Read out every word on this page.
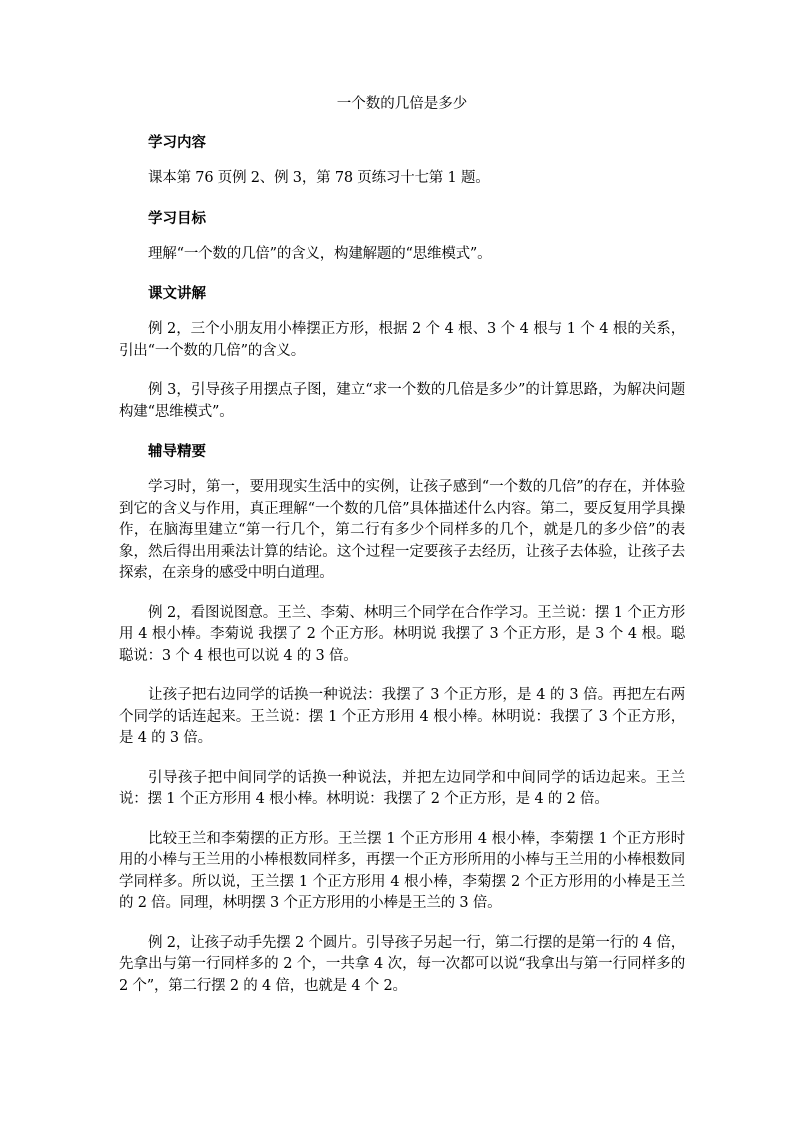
一个数的几倍是多少
学习内容

课本第 76 页例 2、例 3，第 78 页练习十七第 1 题。

学习目标

理解“一个数的几倍”的含义，构建解题的“思维模式”。

课文讲解

例 2，三个小朋友用小棒摆正方形，根据 2 个 4 根、3 个 4 根与 1 个 4 根的关系，引出“一个数的几倍”的含义。

例 3，引导孩子用摆点子图，建立“求一个数的几倍是多少”的计算思路，为解决问题构建“思维模式”。

辅导精要

学习时，第一，要用现实生活中的实例，让孩子感到“一个数的几倍”的存在，并体验到它的含义与作用，真正理解“一个数的几倍”具体描述什么内容。第二，要反复用学具操作，在脑海里建立“第一行几个，第二行有多少个同样多的几个，就是几的多少倍”的表象，然后得出用乘法计算的结论。这个过程一定要孩子去经历，让孩子去体验，让孩子去探索，在亲身的感受中明白道理。

例 2，看图说图意。王兰、李菊、林明三个同学在合作学习。王兰说：摆 1 个正方形用 4 根小棒。李菊说 我摆了 2 个正方形。林明说 我摆了 3 个正方形，是 3 个 4 根。聪聪说：3 个 4 根也可以说 4 的 3 倍。

让孩子把右边同学的话换一种说法：我摆了 3 个正方形，是 4 的 3 倍。再把左右两个同学的话连起来。王兰说：摆 1 个正方形用 4 根小棒。林明说：我摆了 3 个正方形，是 4 的 3 倍。

引导孩子把中间同学的话换一种说法，并把左边同学和中间同学的话边起来。王兰说：摆 1 个正方形用 4 根小棒。林明说：我摆了 2 个正方形，是 4 的 2 倍。

比较王兰和李菊摆的正方形。王兰摆 1 个正方形用 4 根小棒，李菊摆 1 个正方形时用的小棒与王兰用的小棒根数同样多，再摆一个正方形所用的小棒与王兰用的小棒根数同学同样多。所以说，王兰摆 1 个正方形用 4 根小棒，李菊摆 2 个正方形用的小棒是王兰的 2 倍。同理，林明摆 3 个正方形用的小棒是王兰的 3 倍。

例 2，让孩子动手先摆 2 个圆片。引导孩子另起一行，第二行摆的是第一行的 4 倍，先拿出与第一行同样多的 2 个，一共拿 4 次，每一次都可以说“我拿出与第一行同样多的 2 个”，第二行摆 2 的 4 倍，也就是 4 个 2。
